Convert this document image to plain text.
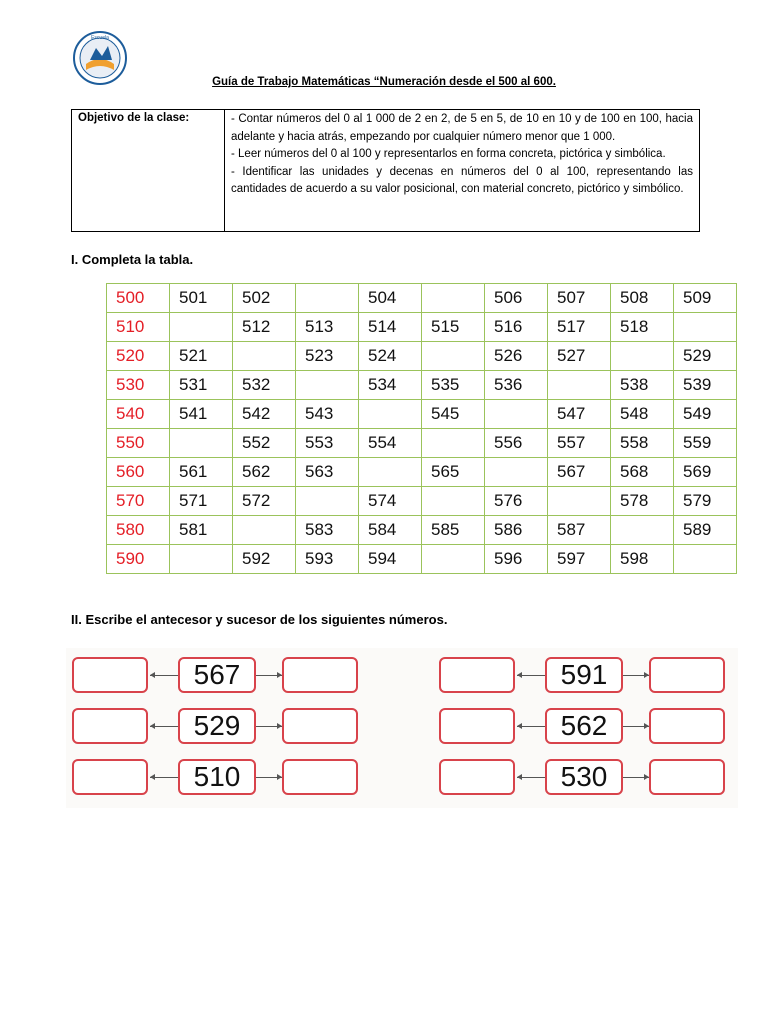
Escuela
Guía de Trabajo Matemáticas “Numeración desde el 500 al 600.
Objetivo de la clase:	- Contar números del 0 al 1 000 de 2 en 2, de 5 en 5, de 10 en 10 y de 100 en 100, hacia adelante y hacia atrás, empezando por cualquier número menor que 1 000.
- Leer números del 0 al 100 y representarlos en forma concreta, pictórica y simbólica.
- Identificar las unidades y decenas en números del 0 al 100, representando las cantidades de acuerdo a su valor posicional, con material concreto, pictórico y simbólico.
I. Completa la tabla.
500	501	502		504		506	507	508	509
510		512	513	514	515	516	517	518	
520	521		523	524		526	527		529
530	531	532		534	535	536		538	539
540	541	542	543		545		547	548	549
550		552	553	554		556	557	558	559
560	561	562	563		565		567	568	569
570	571	572		574		576		578	579
580	581		583	584	585	586	587		589
590		592	593	594		596	597	598	
II. Escribe el antecesor y sucesor de los siguientes números.
567
529
510
591
562
530
